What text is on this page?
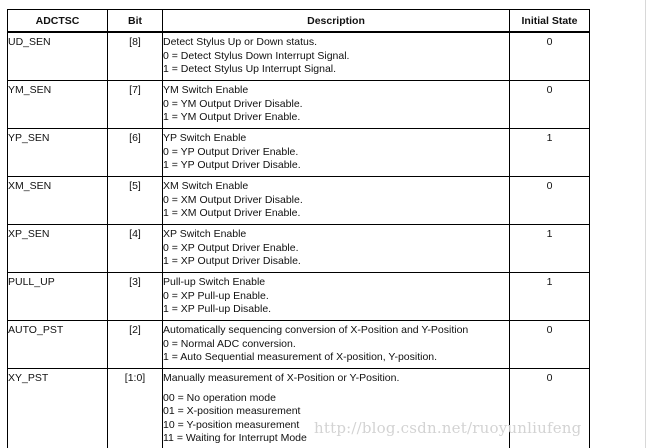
ADCTSC	Bit	Description	Initial State
UD_SEN	[8]	Detect Stylus Up or Down status.
0 = Detect Stylus Down Interrupt Signal.
1 = Detect Stylus Up Interrupt Signal.	0
YM_SEN	[7]	YM Switch Enable
0 = YM Output Driver Disable.
1 = YM Output Driver Enable.	0
YP_SEN	[6]	YP Switch Enable
0 = YP Output Driver Enable.
1 = YP Output Driver Disable.	1
XM_SEN	[5]	XM Switch Enable
0 = XM Output Driver Disable.
1 = XM Output Driver Enable.	0
XP_SEN	[4]	XP Switch Enable
0 = XP Output Driver Enable.
1 = XP Output Driver Disable.	1
PULL_UP	[3]	Pull-up Switch Enable
0 = XP Pull-up Enable.
1 = XP Pull-up Disable.	1
AUTO_PST	[2]	Automatically sequencing conversion of X-Position and Y-Position
0 = Normal ADC conversion.
1 = Auto Sequential measurement of X-position, Y-position.	0
XY_PST	[1:0]	Manually measurement of X-Position or Y-Position.
00 = No operation mode
01 = X-position measurement
10 = Y-position measurement
11 = Waiting for Interrupt Mode	0
http://blog.csdn.net/ruoyunliufeng
